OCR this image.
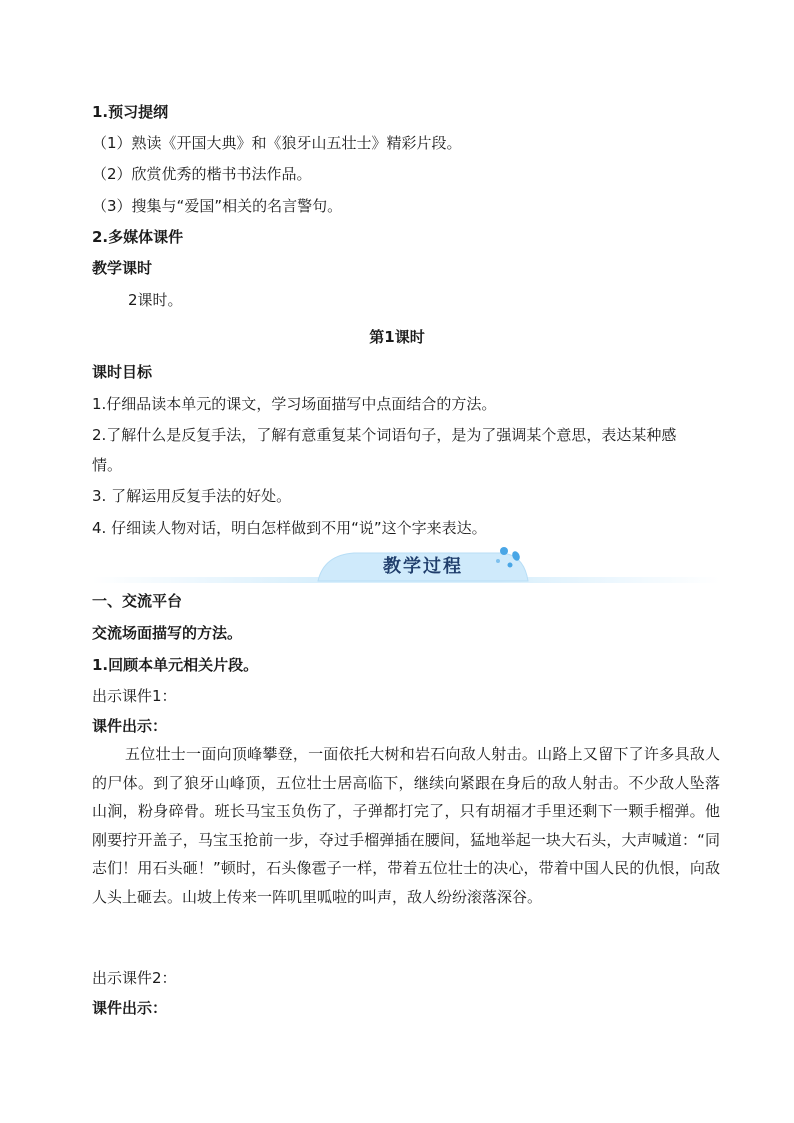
1.预习提纲
（1）熟读《开国大典》和《狼牙山五壮士》精彩片段。
（2）欣赏优秀的楷书书法作品。
（3）搜集与“爱国”相关的名言警句。
2.多媒体课件
教学课时
2课时。
第1课时
课时目标
1.仔细品读本单元的课文，学习场面描写中点面结合的方法。
2.了解什么是反复手法，了解有意重复某个词语句子，是为了强调某个意思，表达某种感
情。
3. 了解运用反复手法的好处。
4. 仔细读人物对话，明白怎样做到不用“说”这个字来表达。
教学过程
一、交流平台
交流场面描写的方法。
1.回顾本单元相关片段。
出示课件1：
课件出示：
五位壮士一面向顶峰攀登，一面依托大树和岩石向敌人射击。山路上又留下了许多具敌人的尸体。到了狼牙山峰顶，五位壮士居高临下，继续向紧跟在身后的敌人射击。不少敌人坠落山涧，粉身碎骨。班长马宝玉负伤了，子弹都打完了，只有胡福才手里还剩下一颗手榴弹。他刚要拧开盖子，马宝玉抢前一步，夺过手榴弹插在腰间，猛地举起一块大石头，大声喊道：“同志们！用石头砸！”顿时，石头像雹子一样，带着五位壮士的决心，带着中国人民的仇恨，向敌人头上砸去。山坡上传来一阵叽里呱啦的叫声，敌人纷纷滚落深谷。
出示课件2：
课件出示：
